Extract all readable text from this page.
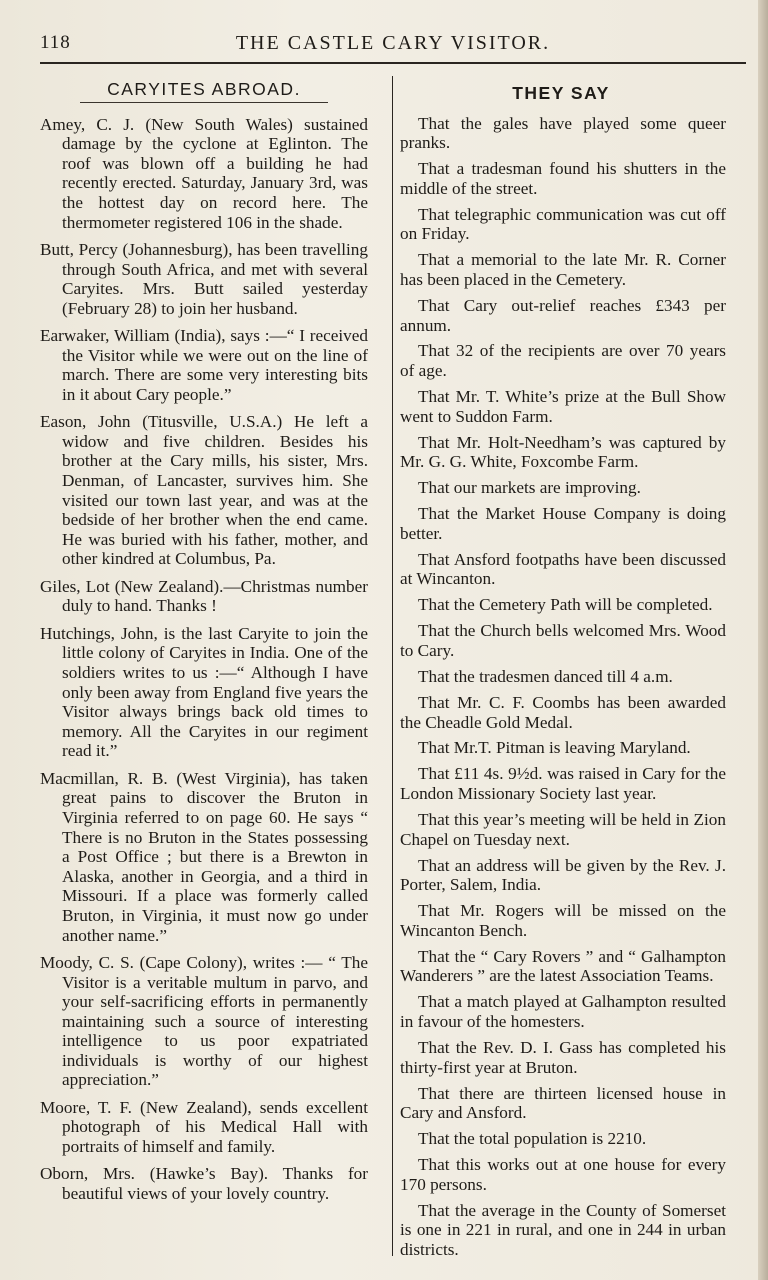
118	THE CASTLE CARY VISITOR.
CARYITES ABROAD.

Amey, C. J. (New South Wales) sustained damage by the cyclone at Eglinton. The roof was blown off a building he had recently erected. Saturday, January 3rd, was the hottest day on record here. The thermometer registered 106 in the shade.

Butt, Percy (Johannesburg), has been travelling through South Africa, and met with several Caryites. Mrs. Butt sailed yesterday (February 28) to join her husband.

Earwaker, William (India), says :—“ I received the Visitor while we were out on the line of march. There are some very interesting bits in it about Cary people.”

Eason, John (Titusville, U.S.A.) He left a widow and five children. Besides his brother at the Cary mills, his sister, Mrs. Denman, of Lancaster, survives him. She visited our town last year, and was at the bedside of her brother when the end came. He was buried with his father, mother, and other kindred at Columbus, Pa.

Giles, Lot (New Zealand).—Christmas number duly to hand. Thanks !

Hutchings, John, is the last Caryite to join the little colony of Caryites in India. One of the soldiers writes to us :—“ Although I have only been away from England five years the Visitor always brings back old times to memory. All the Caryites in our regiment read it.”

Macmillan, R. B. (West Virginia), has taken great pains to discover the Bruton in Virginia referred to on page 60. He says “ There is no Bruton in the States possessing a Post Office ; but there is a Brewton in Alaska, another in Georgia, and a third in Missouri. If a place was formerly called Bruton, in Virginia, it must now go under another name.”

Moody, C. S. (Cape Colony), writes :— “ The Visitor is a veritable multum in parvo, and your self-sacrificing efforts in permanently maintaining such a source of interesting intelligence to us poor expatriated individuals is worthy of our highest appreciation.”

Moore, T. F. (New Zealand), sends excellent photograph of his Medical Hall with portraits of himself and family.

Oborn, Mrs. (Hawke’s Bay). Thanks for beautiful views of your lovely country.

THEY SAY

That the gales have played some queer pranks.

That a tradesman found his shutters in the middle of the street.

That telegraphic communication was cut off on Friday.

That a memorial to the late Mr. R. Corner has been placed in the Cemetery.

That Cary out-relief reaches £343 per annum.

That 32 of the recipients are over 70 years of age.

That Mr. T. White’s prize at the Bull Show went to Suddon Farm.

That Mr. Holt-Needham’s was captured by Mr. G. G. White, Foxcombe Farm.

That our markets are improving.

That the Market House Company is doing better.

That Ansford footpaths have been discussed at Wincanton.

That the Cemetery Path will be completed.

That the Church bells welcomed Mrs. Wood to Cary.

That the tradesmen danced till 4 a.m.

That Mr. C. F. Coombs has been awarded the Cheadle Gold Medal.

That Mr.T. Pitman is leaving Maryland.

That £11 4s. 9½d. was raised in Cary for the London Missionary Society last year.

That this year’s meeting will be held in Zion Chapel on Tuesday next.

That an address will be given by the Rev. J. Porter, Salem, India.

That Mr. Rogers will be missed on the Wincanton Bench.

That the “ Cary Rovers ” and “ Galhampton Wanderers ” are the latest Association Teams.

That a match played at Galhampton resulted in favour of the homesters.

That the Rev. D. I. Gass has completed his thirty-first year at Bruton.

That there are thirteen licensed house in Cary and Ansford.

That the total population is 2210.

That this works out at one house for every 170 persons.

That the average in the County of Somerset is one in 221 in rural, and one in 244 in urban districts.
